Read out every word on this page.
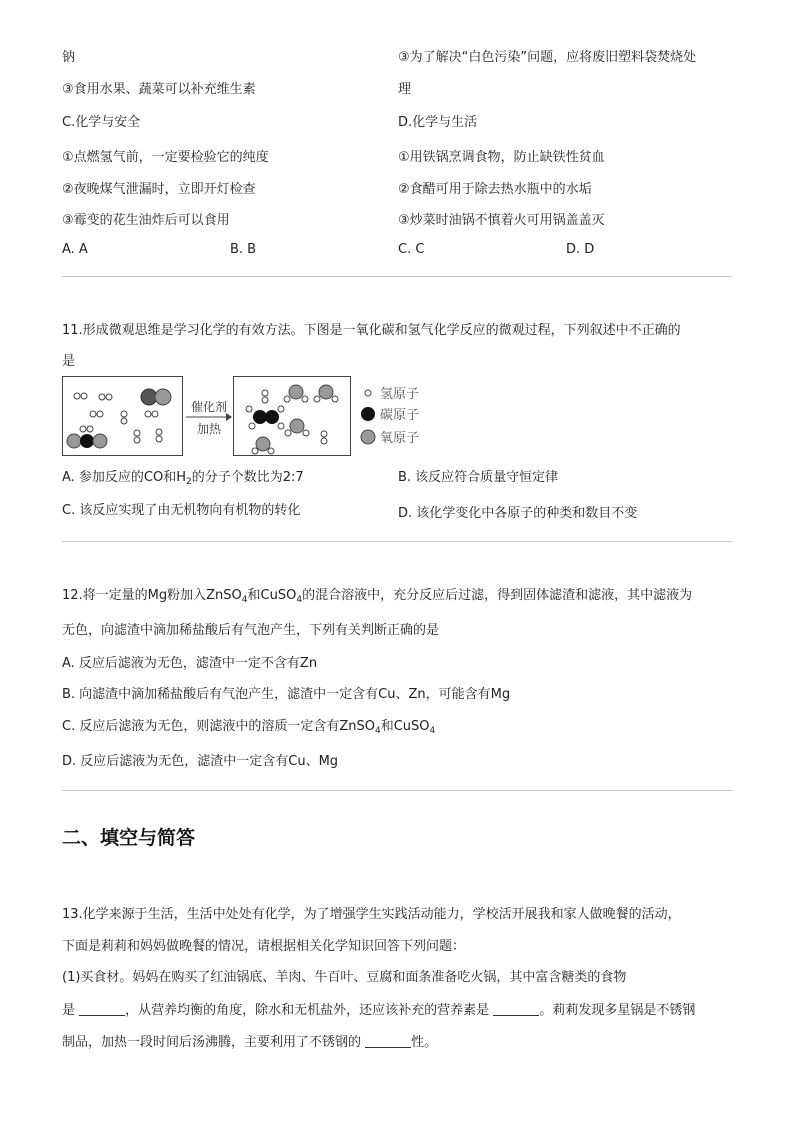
钠
③食用水果、蔬菜可以补充维生素
③为了解决“白色污染”问题，应将废旧塑料袋焚烧处
理
C.化学与安全	D.化学与生活
①点燃氢气前，一定要检验它的纯度
②夜晚煤气泄漏时，立即开灯检查
③霉变的花生油炸后可以食用
①用铁锅烹调食物，防止缺铁性贫血
②食醋可用于除去热水瓶中的水垢
③炒菜时油锅不慎着火可用锅盖盖灭
A. A	B. B	C. C	D. D
11.形成微观思维是学习化学的有效方法。下图是一氧化碳和氢气化学反应的微观过程，下列叙述中不正确的
是
催化剂
加热
氢原子
碳原子
氧原子
A. 参加反应的CO和$H_2$的分子个数比为2:7	B. 该反应符合质量守恒定律
C. 该反应实现了由无机物向有机物的转化	D. 该化学变化中各原子的种类和数目不变
12.将一定量的Mg粉加入ZnSO$_4$和CuSO$_4$的混合溶液中，充分反应后过滤，得到固体滤渣和滤液，其中滤液为
无色，向滤渣中滴加稀盐酸后有气泡产生，下列有关判断正确的是
A. 反应后滤液为无色，滤渣中一定不含有Zn
B. 向滤渣中滴加稀盐酸后有气泡产生，滤渣中一定含有Cu、Zn，可能含有Mg
C. 反应后滤液为无色，则滤液中的溶质一定含有ZnSO$_4$和CuSO$_4$
D. 反应后滤液为无色，滤渣中一定含有Cu、Mg
二、填空与简答
13.化学来源于生活，生活中处处有化学，为了增强学生实践活动能力，学校活开展我和家人做晚餐的活动，
下面是莉莉和妈妈做晚餐的情况，请根据相关化学知识回答下列问题：
(1)买食材。妈妈在购买了红油锅底、羊肉、牛百叶、豆腐和面条准备吃火锅，其中富含糖类的食物
是	，从营养均衡的角度，除水和无机盐外，还应该补充的营养素是	。莉莉发现多星锅是不锈钢
制品，加热一段时间后汤沸腾，主要利用了不锈钢的	性。
